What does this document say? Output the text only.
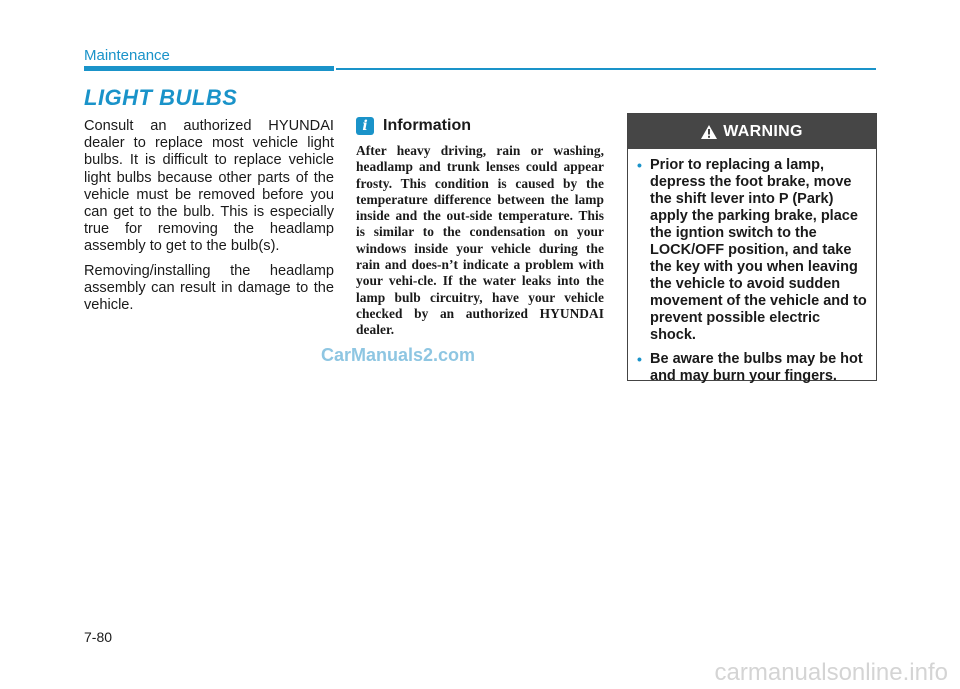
Maintenance
LIGHT BULBS

Consult an authorized HYUNDAI dealer to replace most vehicle light bulbs. It is difficult to replace vehicle light bulbs because other parts of the vehicle must be removed before you can get to the bulb. This is especially true for removing the headlamp assembly to get to the bulb(s).

Removing/installing the headlamp assembly can result in damage to the vehicle.

i Information

After heavy driving, rain or washing, headlamp and trunk lenses could appear frosty. This condition is caused by the temperature difference between the lamp inside and the out-side temperature. This is similar to the condensation on your windows inside your vehicle during the rain and does-n’t indicate a problem with your vehi-cle. If the water leaks into the lamp bulb circuitry, have your vehicle checked by an authorized HYUNDAI dealer.

WARNING
• Prior to replacing a lamp, depress the foot brake, move the shift lever into P (Park) apply the parking brake, place the igntion switch to the LOCK/OFF position, and take the key with you when leaving the vehicle to avoid sudden movement of the vehicle and to prevent possible electric shock.
• Be aware the bulbs may be hot and may burn your fingers.
CarManuals2.com
7-80
carmanualsonline.info
